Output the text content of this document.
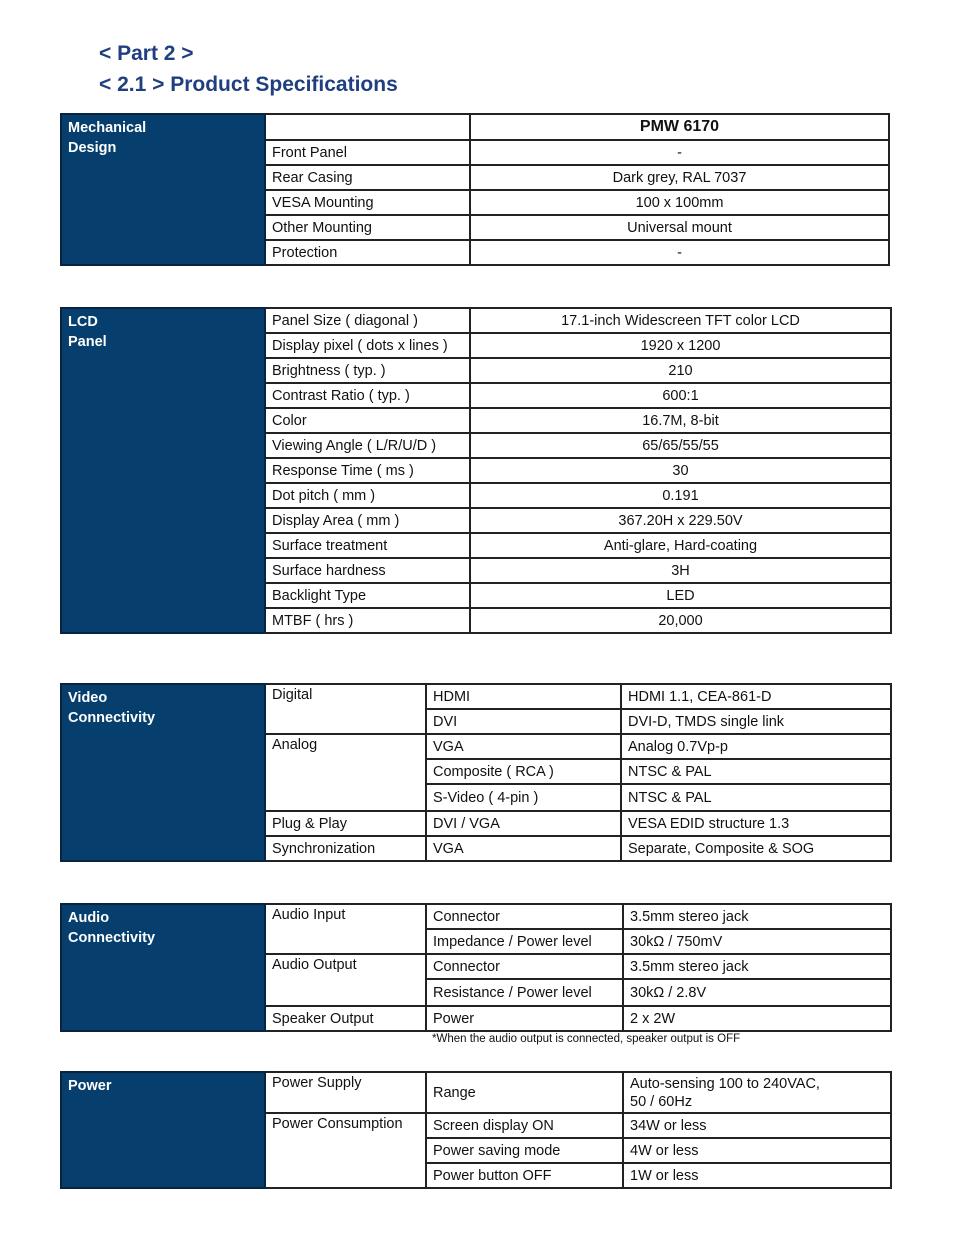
< Part 2 >
< 2.1 > Product Specifications
Mechanical
Design		PMW 6170
	Front Panel	-
	Rear Casing	Dark grey, RAL 7037
	VESA Mounting	100 x 100mm
	Other Mounting	Universal mount
	Protection	-
LCD
Panel	Panel Size ( diagonal )	17.1-inch Widescreen TFT color LCD
	Display pixel ( dots x lines )	1920 x 1200
	Brightness ( typ. )	210
	Contrast Ratio ( typ. )	600:1
	Color	16.7M, 8-bit
	Viewing Angle ( L/R/U/D )	65/65/55/55
	Response Time ( ms )	30
	Dot pitch ( mm )	0.191
	Display Area ( mm )	367.20H x 229.50V
	Surface treatment	Anti-glare, Hard-coating
	Surface hardness	3H
	Backlight Type	LED
	MTBF ( hrs )	20,000
Video
Connectivity	Digital	HDMI	HDMI 1.1, CEA-861-D
		DVI	DVI-D, TMDS single link
	Analog	VGA	Analog 0.7Vp-p
		Composite ( RCA )	NTSC & PAL
		S-Video ( 4-pin )	NTSC & PAL
	Plug & Play	DVI / VGA	VESA EDID structure 1.3
	Synchronization	VGA	Separate, Composite & SOG
Audio
Connectivity	Audio Input	Connector	3.5mm stereo jack
		Impedance / Power level	30kΩ / 750mV
	Audio Output	Connector	3.5mm stereo jack
		Resistance / Power level	30kΩ / 2.8V
	Speaker Output	Power	2 x 2W
*When the audio output is connected, speaker output is OFF
Power	Power Supply	Range	Auto-sensing 100 to 240VAC,
50 / 60Hz
	Power Consumption	Screen display ON	34W or less
		Power saving mode	4W or less
		Power button OFF	1W or less
